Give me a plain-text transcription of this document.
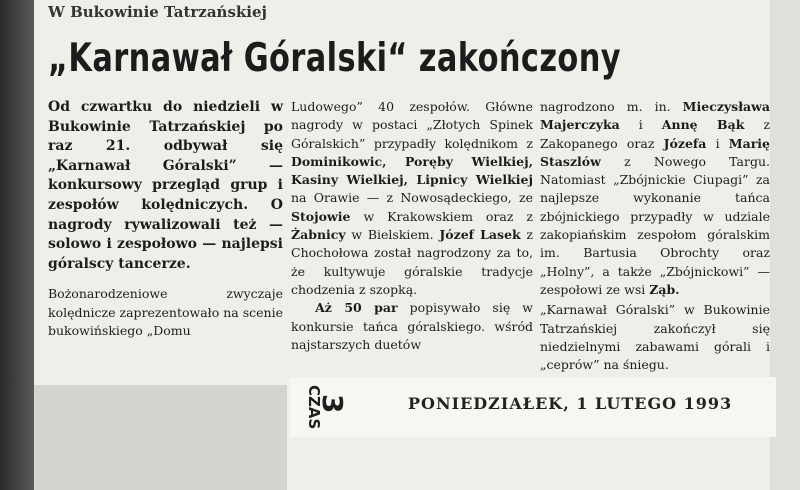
W Bukowinie Tatrzańskiej
„Karnawał Góralski“ zakończony

Od czwartku do niedzieli w Bukowinie Tatrzańskiej po raz 21. odbywał się „Karnawał Góralski” — konkursowy przegląd grup i zespołów kolędniczych. O nagrody rywalizowali też — solowo i zespołowo — najlepsi góralscy tancerze.

Bożonarodzeniowe zwyczaje kolędnicze zaprezentowało na scenie bukowińskiego „Domu

Ludowego” 40 zespołów. Główne nagrody w postaci „Złotych Spinek Góralskich” przypadły kolędnikom z Dominikowic, Poręby Wielkiej, Kasiny Wielkiej, Lipnicy Wielkiej na Orawie — z Nowosądeckiego, ze Stojowie w Krakowskiem oraz z Żabnicy w Bielskiem. Józef Lasek z Chochołowa został nagrodzony za to, że kultywuje góralskie tradycje chodzenia z szopką.

Aż 50 par popisywało się w konkursie tańca góralskiego. wśród najstarszych duetów

nagrodzono m. in. Mieczysława Majerczyka i Annę Bąk z Zakopanego oraz Józefa i Marię Staszlów z Nowego Targu. Natomiast „Zbójnickie Ciupagi” za najlepsze wykonanie tańca zbójnickiego przypadły w udziale zakopiańskim zespołom góralskim im. Bartusia Obrochty oraz „Holny”, a także „Zbójnickowi” — zespołowi ze wsi Ząb.

„Karnawał Góralski” w Bukowinie Tatrzańskiej zakończył się niedzielnymi zabawami górali i „ceprów” na śniegu.

CZAS
3	PONIEDZIAŁEK, 1 LUTEGO 1993
